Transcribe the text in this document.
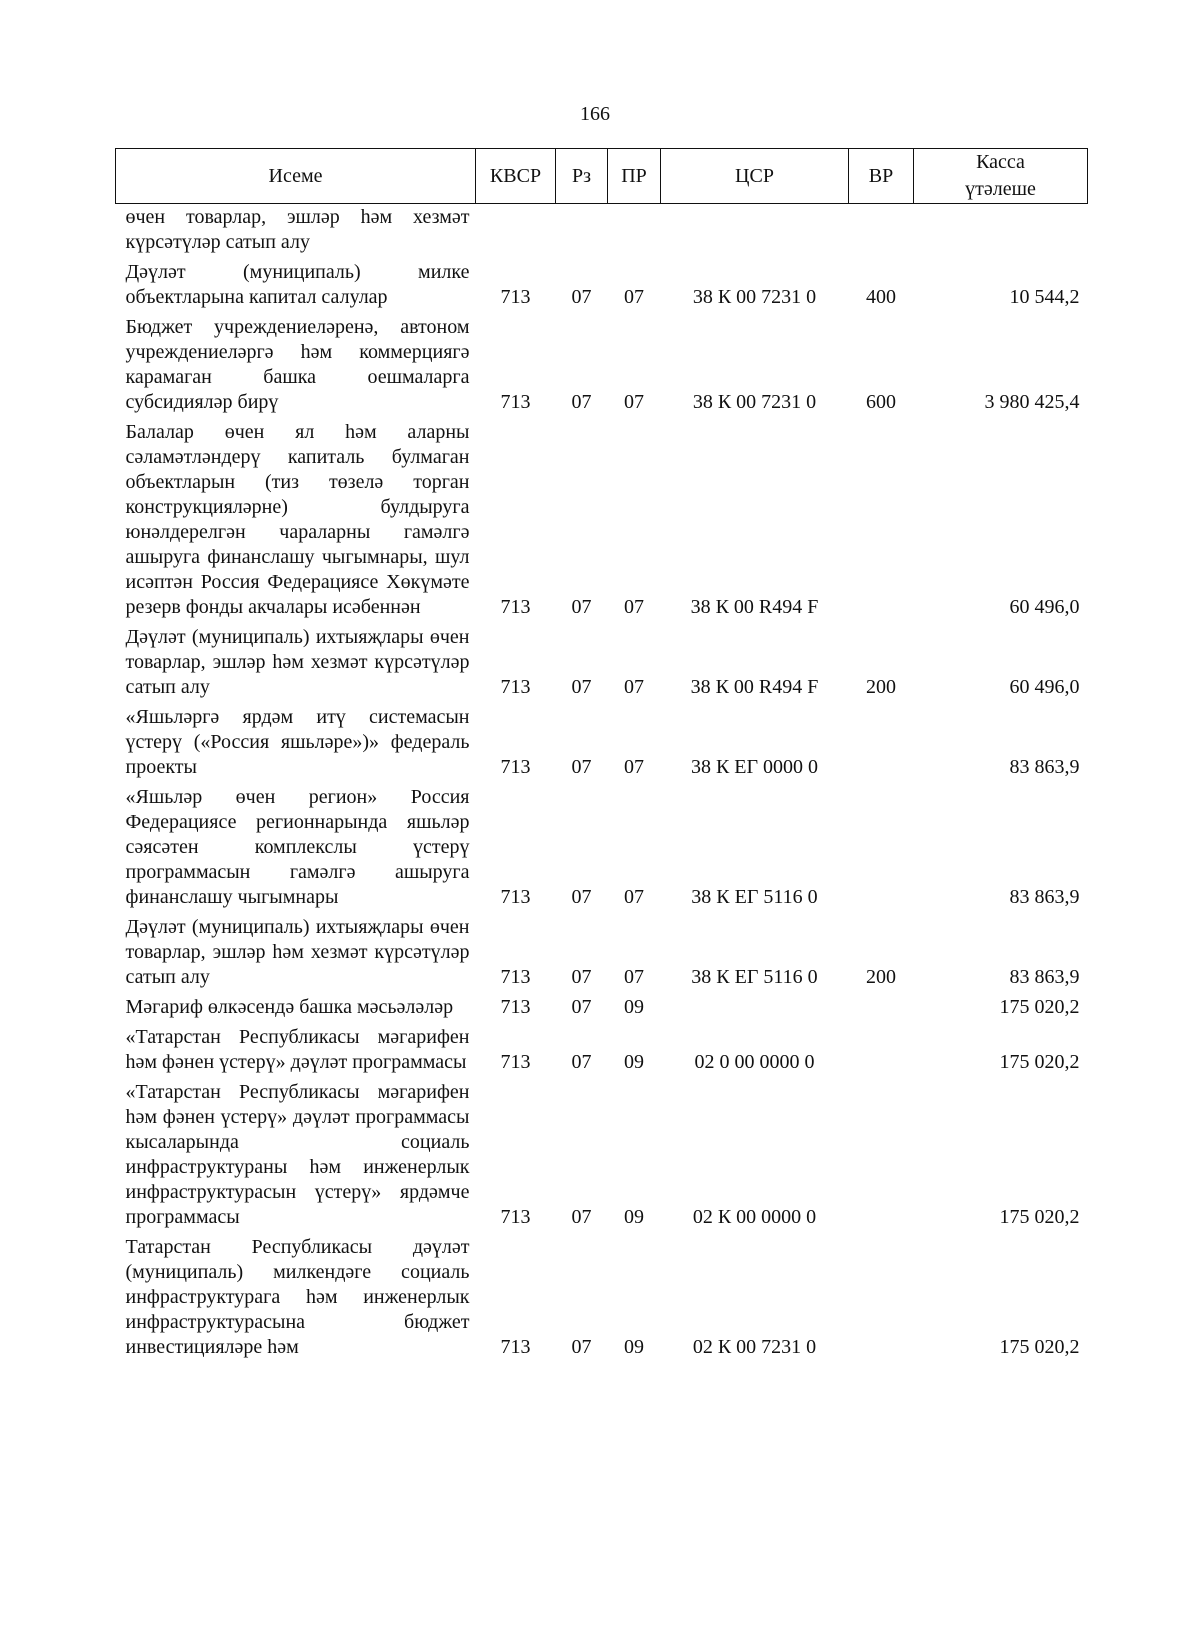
166
Исеме	КВСР	Рз	ПР	ЦСР	ВР	Касса
үтәлеше

өчен товарлар, эшләр һәм хезмәт күрсәтүләр сатып алу						
Дәүләт (муниципаль) милке объектларына капитал салулар	713	07	07	38 К 00 7231 0	400	10 544,2
Бюджет учреждениеләренә, автоном учреждениеләргә һәм коммерциягә карамаган башка оешмаларга субсидияләр бирү	713	07	07	38 К 00 7231 0	600	3 980 425,4
Балалар өчен ял һәм аларны сәламәтләндерү капиталь булмаган объектларын (тиз төзелә торган конструкцияләрне) булдыруга юнәлдерелгән чараларны гамәлгә ашыруга финанслашу чыгымнары, шул исәптән Россия Федерациясе Хөкүмәте резерв фонды акчалары исәбеннән	713	07	07	38 К 00 R494 F		60 496,0
Дәүләт (муниципаль) ихтыяҗлары өчен товарлар, эшләр һәм хезмәт күрсәтүләр сатып алу	713	07	07	38 К 00 R494 F	200	60 496,0
«Яшьләргә ярдәм итү системасын үстерү («Россия яшьләре»)» федераль проекты	713	07	07	38 К ЕГ 0000 0		83 863,9
«Яшьләр өчен регион» Россия Федерациясе регионнарында яшьләр сәясәтен комплекслы үстерү программасын гамәлгә ашыруга финанслашу чыгымнары	713	07	07	38 К ЕГ 5116 0		83 863,9
Дәүләт (муниципаль) ихтыяҗлары өчен товарлар, эшләр һәм хезмәт күрсәтүләр сатып алу	713	07	07	38 К ЕГ 5116 0	200	83 863,9
Мәгариф өлкәсендә башка мәсьәләләр	713	07	09			175 020,2
«Татарстан Республикасы мәгарифен һәм фәнен үстерү» дәүләт программасы	713	07	09	02 0 00 0000 0		175 020,2
«Татарстан Республикасы мәгарифен һәм фәнен үстерү» дәүләт программасы кысаларында социаль инфраструктураны һәм инженерлык инфраструктурасын үстерү» ярдәмче программасы	713	07	09	02 К 00 0000 0		175 020,2
Татарстан Республикасы дәүләт (муниципаль) милкендәге социаль инфраструктурага һәм инженерлык инфраструктурасына бюджет инвестицияләре һәм	713	07	09	02 К 00 7231 0		175 020,2
